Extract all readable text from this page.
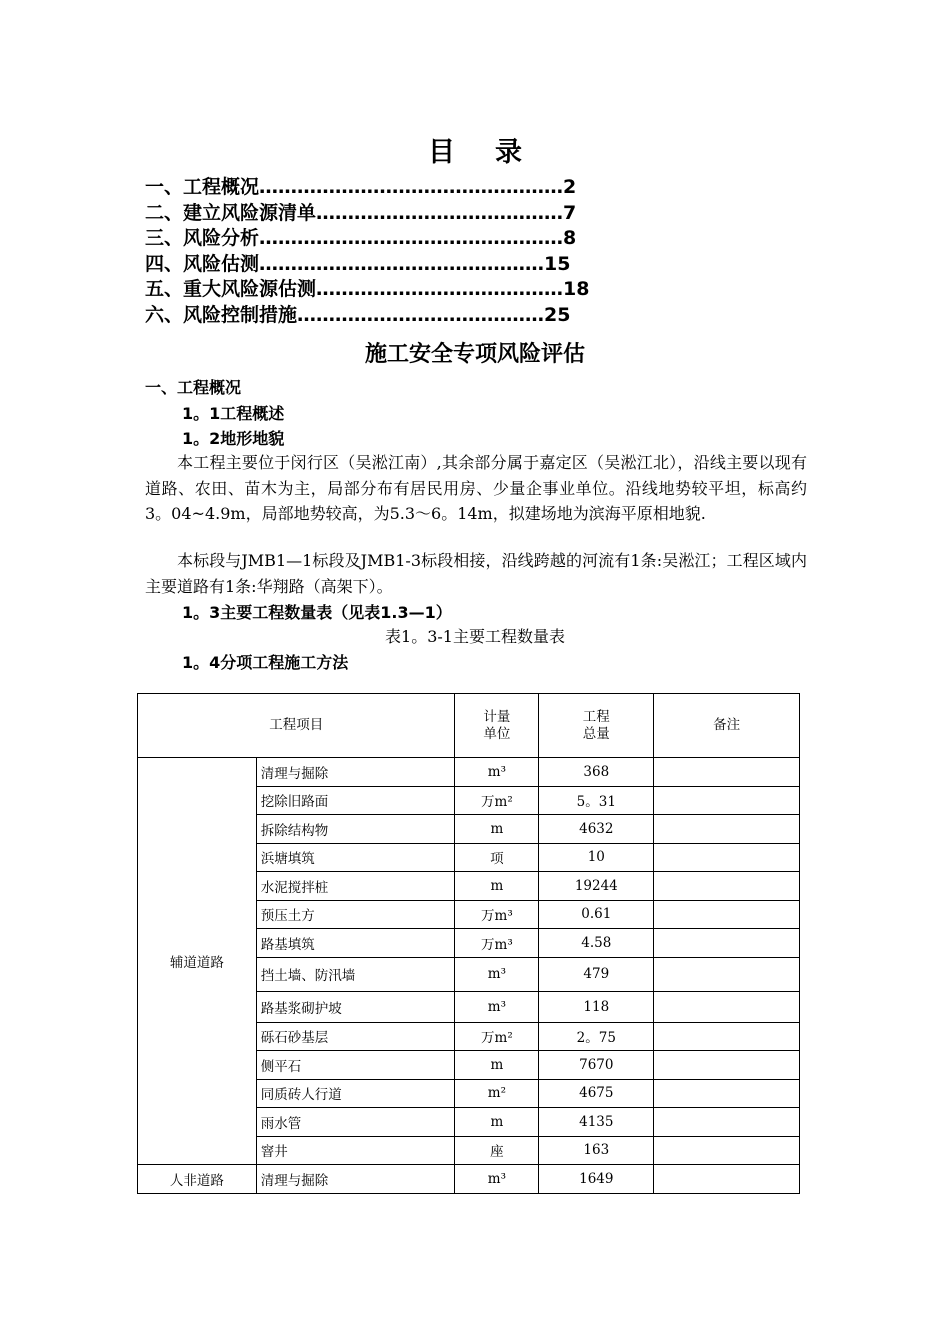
目录
一、工程概况…………………………………………2
二、建立风险源清单…………………………………7
三、风险分析…………………………………………8
四、风险估测………………………………………15
五、重大风险源估测…………………………………18
六、风险控制措施…………………………………25
施工安全专项风险评估
一、工程概况
1。1工程概述
1。2地形地貌

本工程主要位于闵行区（吴淞江南）,其余部分属于嘉定区（吴淞江北），沿线主要以现有道路、农田、苗木为主，局部分布有居民用房、少量企事业单位。沿线地势较平坦，标高约3。04~4.9m，局部地势较高，为5.3～6。14m，拟建场地为滨海平原相地貌.

本标段与JMB1—1标段及JMB1-3标段相接，沿线跨越的河流有1条:吴淞江；工程区域内主要道路有1条:华翔路（高架下）。

1。3主要工程数量表（见表1.3—1）
表1。3-1主要工程数量表
1。4分项工程施工方法
工程项目		计量单位	工程总量	备注
辅道道路	清理与掘除	m³	368	
	挖除旧路面	万m²	5。31	
	拆除结构物	m	4632	
	浜塘填筑	项	10	
	水泥搅拌桩	m	19244	
	预压土方	万m³	0.61	
	路基填筑	万m³	4.58	
	挡土墙、防汛墙	m³	479	
	路基浆砌护坡	m³	118	
	砾石砂基层	万m²	2。75	
	侧平石	m	7670	
	同质砖人行道	m²	4675	
	雨水管	m	4135	
	窨井	座	163	
人非道路	清理与掘除	m³	1649	
